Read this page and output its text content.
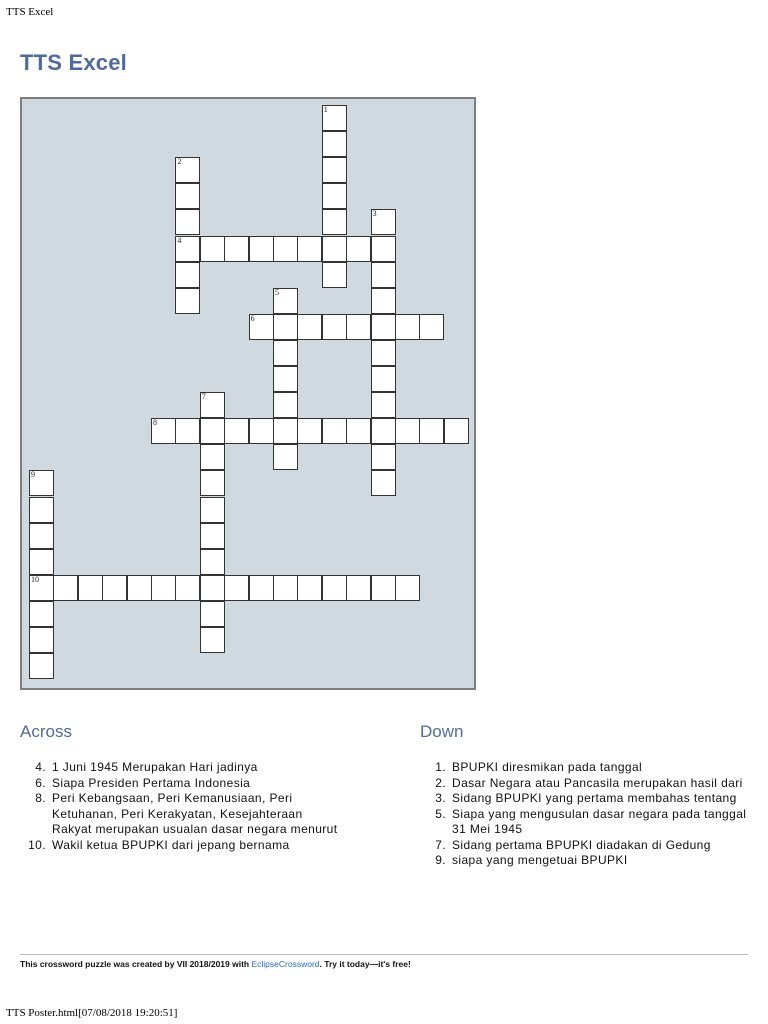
TTS Excel
TTS Excel
1
2
4
3
5
6
7
8
9
10
Across
4. 1 Juni 1945 Merupakan Hari jadinya
6. Siapa Presiden Pertama Indonesia
8. Peri Kebangsaan, Peri Kemanusiaan, Peri Ketuhanan, Peri Kerakyatan, Kesejahteraan Rakyat merupakan usualan dasar negara menurut
10. Wakil ketua BPUPKI dari jepang bernama
Down
1. BPUPKI diresmikan pada tanggal
2. Dasar Negara atau Pancasila merupakan hasil dari
3. Sidang BPUPKI yang pertama membahas tentang
5. Siapa yang mengusulan dasar negara pada tanggal 31 Mei 1945
7. Sidang pertama BPUPKI diadakan di Gedung
9. siapa yang mengetuai BPUPKI
This crossword puzzle was created by VII 2018/2019 with EclipseCrossword. Try it today—it's free!
TTS Poster.html[07/08/2018 19:20:51]
